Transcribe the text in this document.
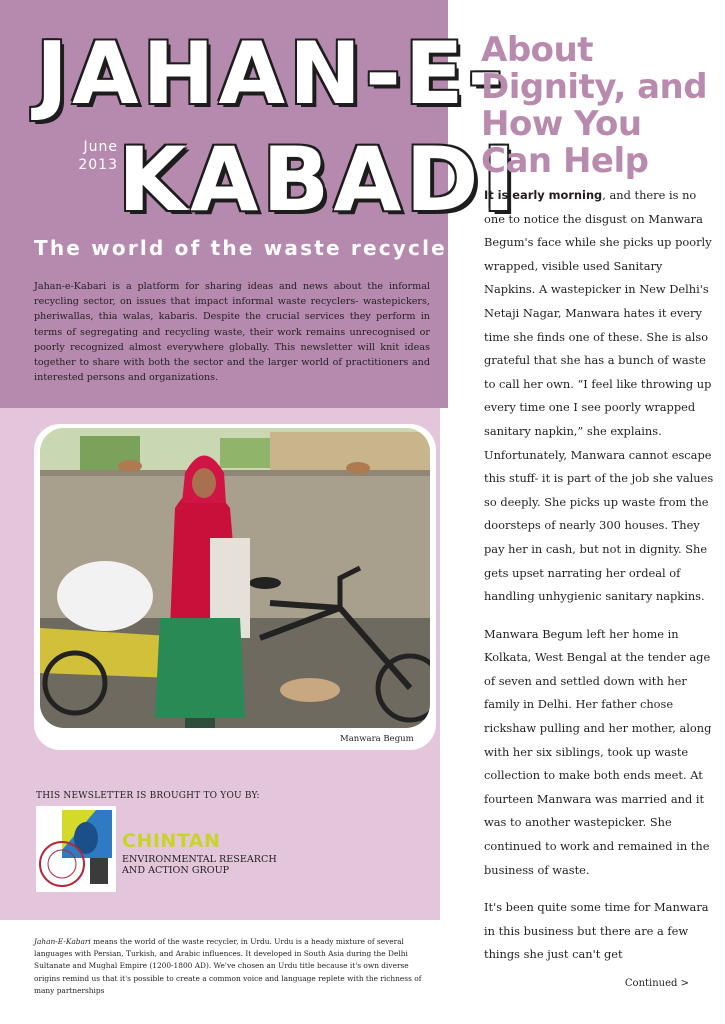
JAHAN-E-
KABADI
June
2013
The world of the waste recyclers
Jahan-e-Kabari is a platform for sharing ideas and news about the informal recycling sector, on issues that impact informal waste recyclers- wastepickers, pheriwallas, thia walas, kabaris. Despite the crucial services they perform in terms of segregating and recycling waste, their work remains unrecognised or poorly recognized almost everywhere globally. This newsletter will knit ideas together to share with both the sector and the larger world of practitioners and interested persons and organizations.
Manwara Begum
THIS NEWSLETTER IS BROUGHT TO YOU BY:
CHINTAN
ENVIRONMENTAL RESEARCH AND ACTION GROUP
Jahan-E-Kabari means the world of the waste recycler, in Urdu. Urdu is a heady mixture of several languages with Persian, Turkish, and Arabic influences. It developed in South Asia during the Delhi Sultanate and Mughal Empire (1200-1800 AD). We've chosen an Urdu title because it's own diverse origins remind us that it's possible to create a common voice and language replete with the richness of many partnerships
About Dignity, and How You Can Help

It is early morning, and there is no one to notice the disgust on Manwara Begum's face while she picks up poorly wrapped, visible used Sanitary Napkins. A wastepicker in New Delhi's Netaji Nagar, Manwara hates it every time she finds one of these. She is also grateful that she has a bunch of waste to call her own. “I feel like throwing up every time one I see poorly wrapped sanitary napkin,” she explains. Unfortunately, Manwara cannot escape this stuff- it is part of the job she values so deeply. She picks up waste from the doorsteps of nearly 300 houses. They pay her in cash, but not in dignity. She gets upset narrating her ordeal of handling unhygienic sanitary napkins.

Manwara Begum left her home in Kolkata, West Bengal at the tender age of seven and settled down with her family in Delhi. Her father chose rickshaw pulling and her mother, along with her six siblings, took up waste collection to make both ends meet. At fourteen Manwara was married and it was to another wastepicker. She continued to work and remained in the business of waste.

It's been quite some time for Manwara in this business but there are a few things she just can't get

Continued >
